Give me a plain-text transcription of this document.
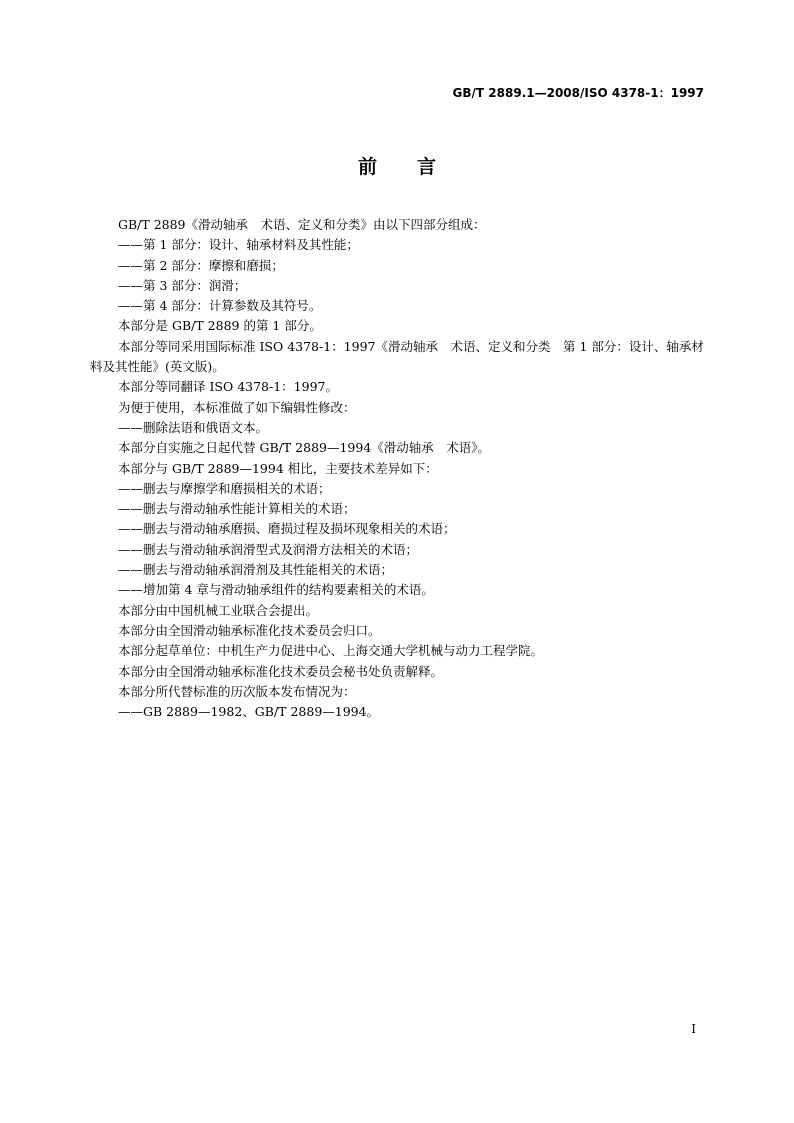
GB/T 2889.1—2008/ISO 4378-1：1997
前言

GB/T 2889《滑动轴承　术语、定义和分类》由以下四部分组成：

——第 1 部分：设计、轴承材料及其性能；

——第 2 部分：摩擦和磨损；

——第 3 部分：润滑；

——第 4 部分：计算参数及其符号。

本部分是 GB/T 2889 的第 1 部分。

本部分等同采用国际标准 ISO 4378-1：1997《滑动轴承　术语、定义和分类　第 1 部分：设计、轴承材料及其性能》(英文版)。

本部分等同翻译 ISO 4378-1：1997。

为便于使用，本标准做了如下编辑性修改：

——删除法语和俄语文本。

本部分自实施之日起代替 GB/T 2889—1994《滑动轴承　术语》。

本部分与 GB/T 2889—1994 相比，主要技术差异如下：

——删去与摩擦学和磨损相关的术语；

——删去与滑动轴承性能计算相关的术语；

——删去与滑动轴承磨损、磨损过程及损坏现象相关的术语；

——删去与滑动轴承润滑型式及润滑方法相关的术语；

——删去与滑动轴承润滑剂及其性能相关的术语；

——增加第 4 章与滑动轴承组件的结构要素相关的术语。

本部分由中国机械工业联合会提出。

本部分由全国滑动轴承标准化技术委员会归口。

本部分起草单位：中机生产力促进中心、上海交通大学机械与动力工程学院。

本部分由全国滑动轴承标准化技术委员会秘书处负责解释。

本部分所代替标准的历次版本发布情况为：

——GB 2889—1982、GB/T 2889—1994。

I
